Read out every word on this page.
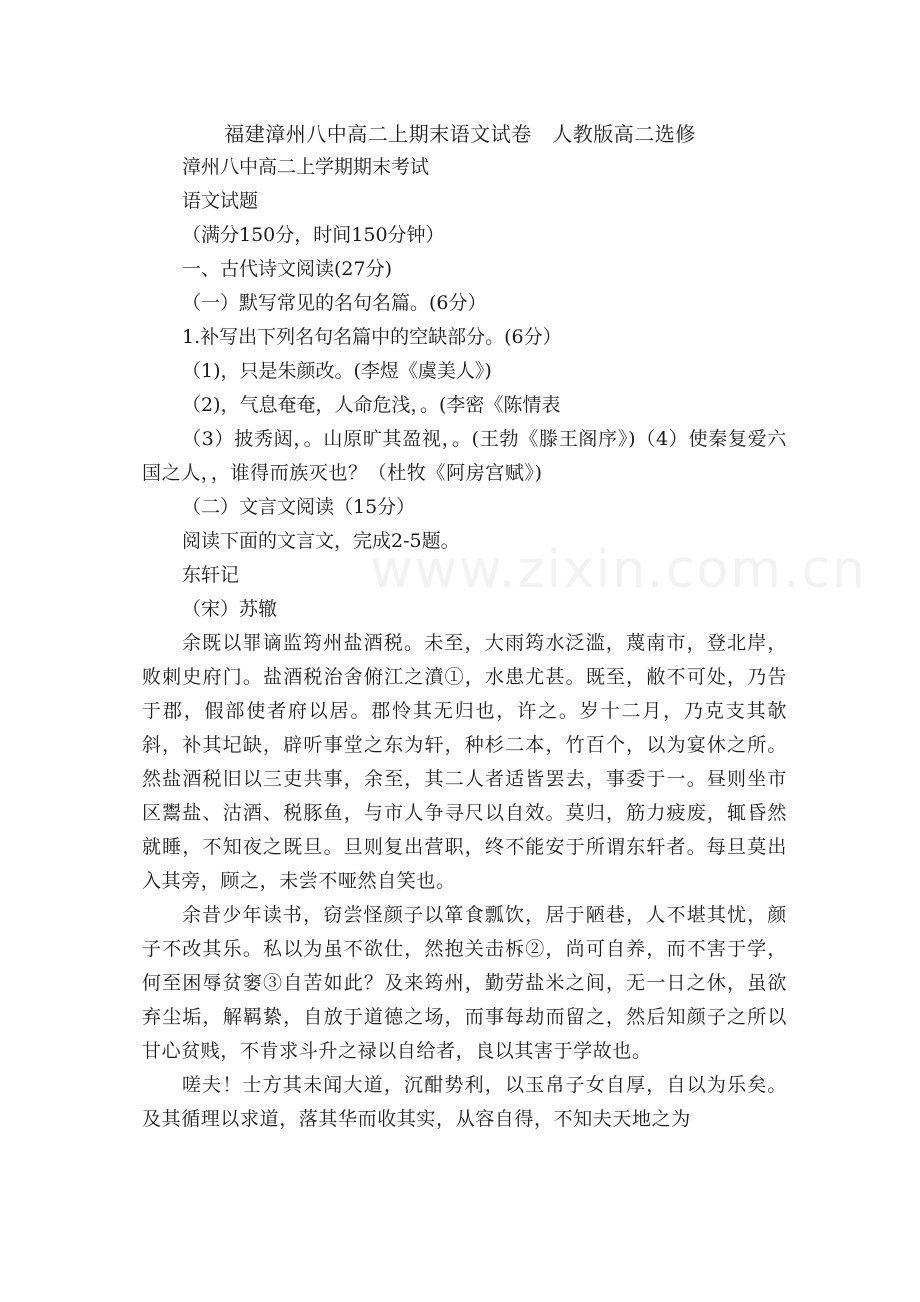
福建漳州八中高二上期末语文试卷　人教版高二选修

漳州八中高二上学期期末考试

语文试题

（满分150分，时间150分钟）

一、古代诗文阅读(27分)

（一）默写常见的名句名篇。(6分）

1.补写出下列名句名篇中的空缺部分。(6分）

（1)，只是朱颜改。(李煜《虞美人》)

（2)，气息奄奄，人命危浅，。(李密《陈情表

（3）披秀闼，。山原旷其盈视，。(王勃《滕王阁序》)（4）使秦复爱六国之人，，谁得而族灭也？（杜牧《阿房宫赋》)

（二）文言文阅读（15分）

阅读下面的文言文，完成2-5题。

东轩记

（宋）苏辙

余既以罪谪监筠州盐酒税。未至，大雨筠水泛滥，蔑南市，登北岸，败刺史府门。盐酒税治舍俯江之濆①，水患尤甚。既至，敝不可处，乃告于郡，假部使者府以居。郡怜其无归也，许之。岁十二月，乃克支其欹斜，补其圮缺，辟听事堂之东为轩，种杉二本，竹百个，以为宴休之所。然盐酒税旧以三吏共事，余至，其二人者适皆罢去，事委于一。昼则坐市区鬻盐、沽酒、税豚鱼，与市人争寻尺以自效。莫归，筋力疲废，辄昏然就睡，不知夜之既旦。旦则复出营职，终不能安于所谓东轩者。每旦莫出入其旁，顾之，未尝不哑然自笑也。

余昔少年读书，窃尝怪颜子以箪食瓢饮，居于陋巷，人不堪其忧，颜子不改其乐。私以为虽不欲仕，然抱关击柝②，尚可自养，而不害于学，何至困辱贫窭③自苦如此？及来筠州，勤劳盐米之间，无一日之休，虽欲弃尘垢，解羁絷，自放于道德之场，而事每劫而留之，然后知颜子之所以甘心贫贱，不肯求斗升之禄以自给者，良以其害于学故也。

嗟夫！士方其未闻大道，沉酣势利，以玉帛子女自厚，自以为乐矣。及其循理以求道，落其华而收其实，从容自得，不知夫天地之为

www.zixin.com.cn
